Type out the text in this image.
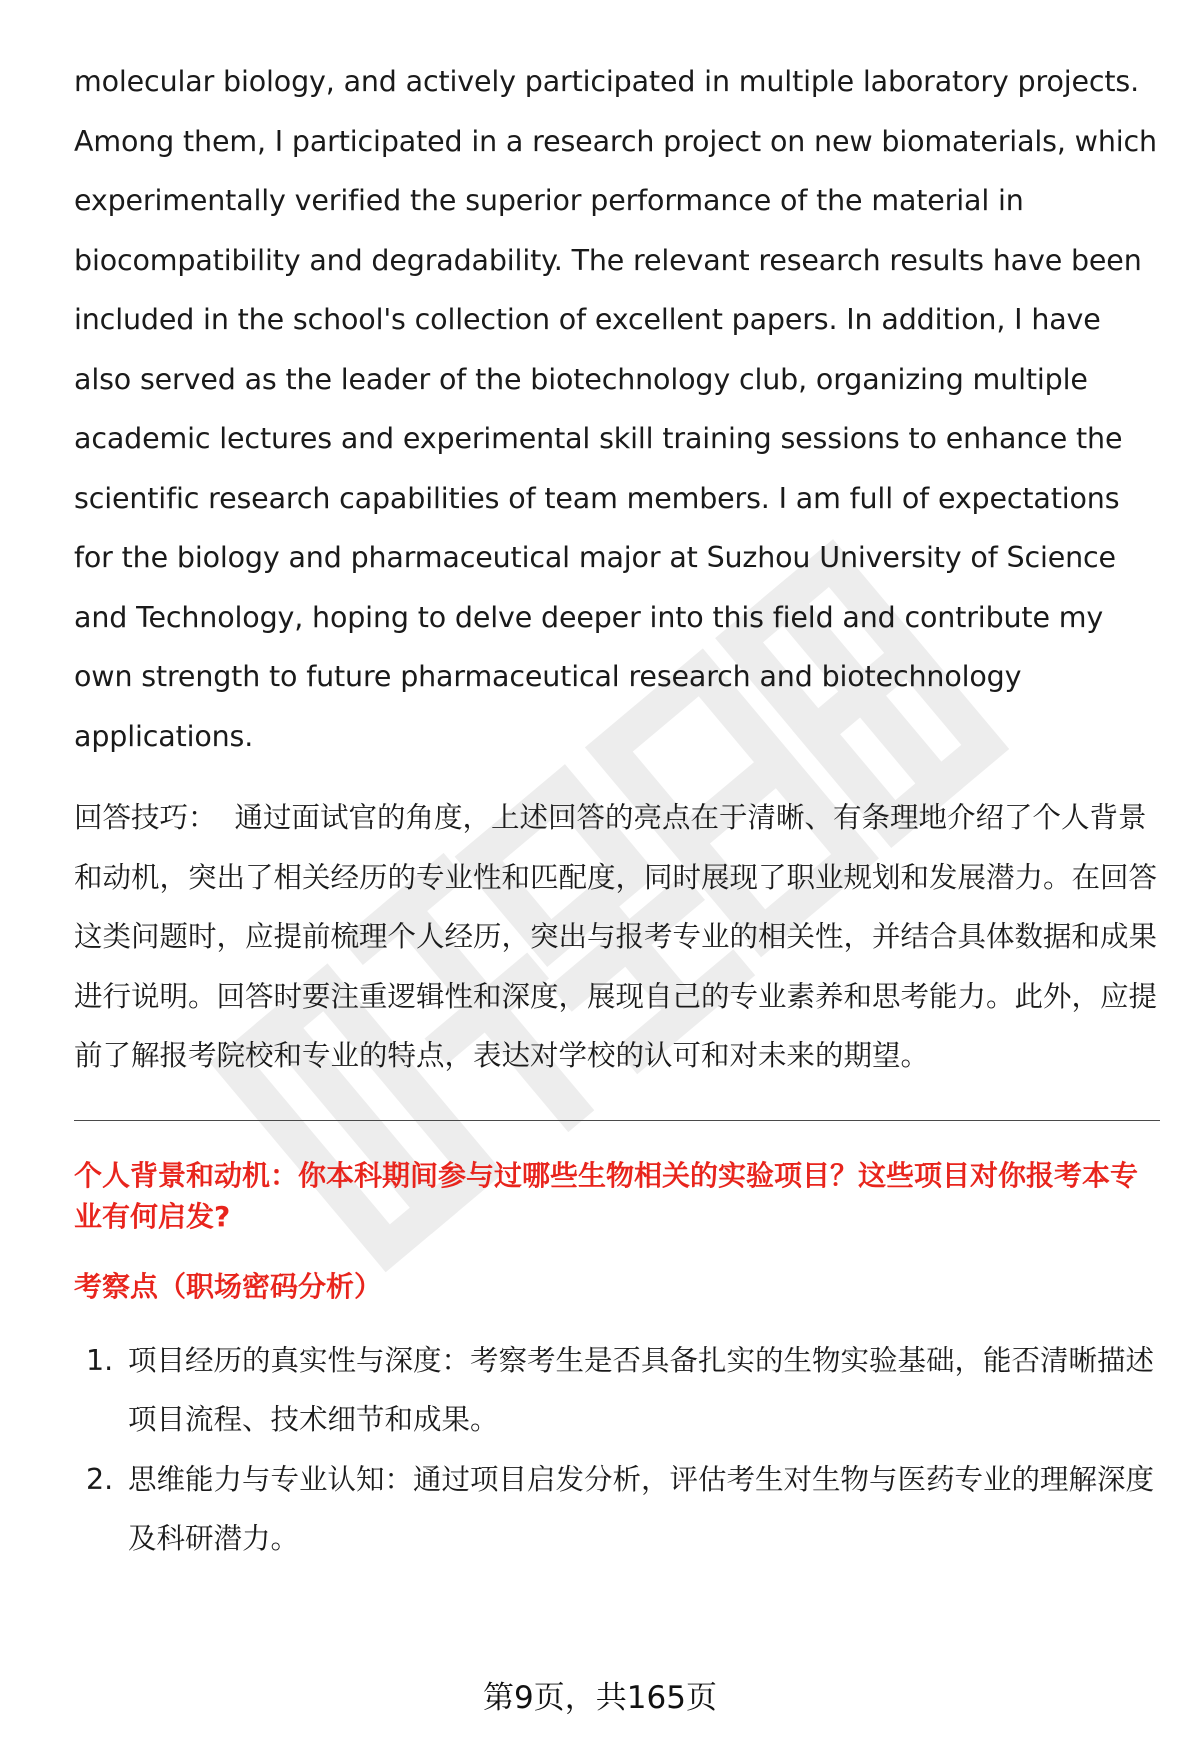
molecular biology, and actively participated in multiple laboratory projects. Among them, I participated in a research project on new biomaterials, which experimentally verified the superior performance of the material in biocompatibility and degradability. The relevant research results have been included in the school's collection of excellent papers. In addition, I have also served as the leader of the biotechnology club, organizing multiple academic lectures and experimental skill training sessions to enhance the scientific research capabilities of team members. I am full of expectations for the biology and pharmaceutical major at Suzhou University of Science and Technology, hoping to delve deeper into this field and contribute my own strength to future pharmaceutical research and biotechnology applications.

回答技巧： 通过面试官的角度，上述回答的亮点在于清晰、有条理地介绍了个人背景和动机，突出了相关经历的专业性和匹配度，同时展现了职业规划和发展潜力。在回答这类问题时，应提前梳理个人经历，突出与报考专业的相关性，并结合具体数据和成果进行说明。回答时要注重逻辑性和深度，展现自己的专业素养和思考能力。此外，应提前了解报考院校和专业的特点，表达对学校的认可和对未来的期望。

个人背景和动机：你本科期间参与过哪些生物相关的实验项目？这些项目对你报考本专业有何启发?
考察点（职场密码分析）
1. 项目经历的真实性与深度：考察考生是否具备扎实的生物实验基础，能否清晰描述项目流程、技术细节和成果。
2. 思维能力与专业认知：通过项目启发分析，评估考生对生物与医药专业的理解深度及科研潜力。
第9页，共165页
